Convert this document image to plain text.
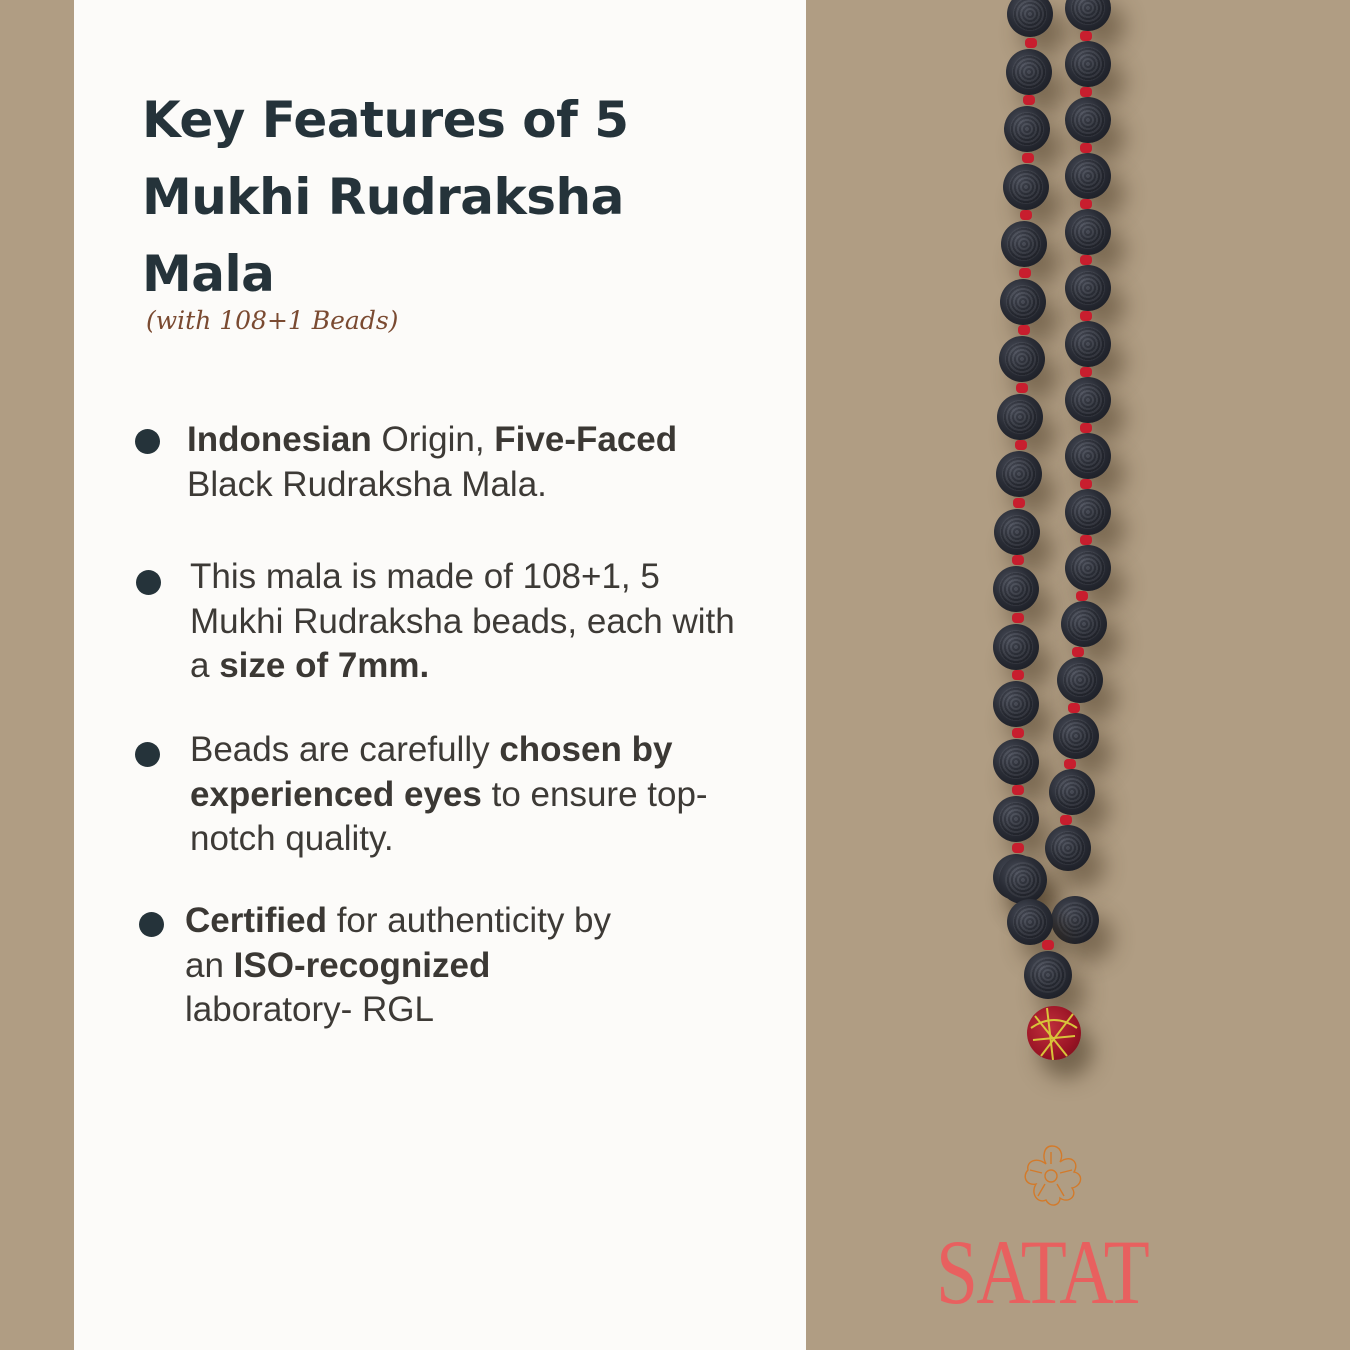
Key Features of 5
Mukhi Rudraksha
Mala

(with 108+1 Beads)

Indonesian Origin, Five-Faced Black Rudraksha Mala.
This mala is made of 108+1, 5 Mukhi Rudraksha beads, each with a size of 7mm.
Beads are carefully chosen by experienced eyes to ensure top-notch quality.
Certified for authenticity by an ISO-recognized laboratory- RGL

SATAT
